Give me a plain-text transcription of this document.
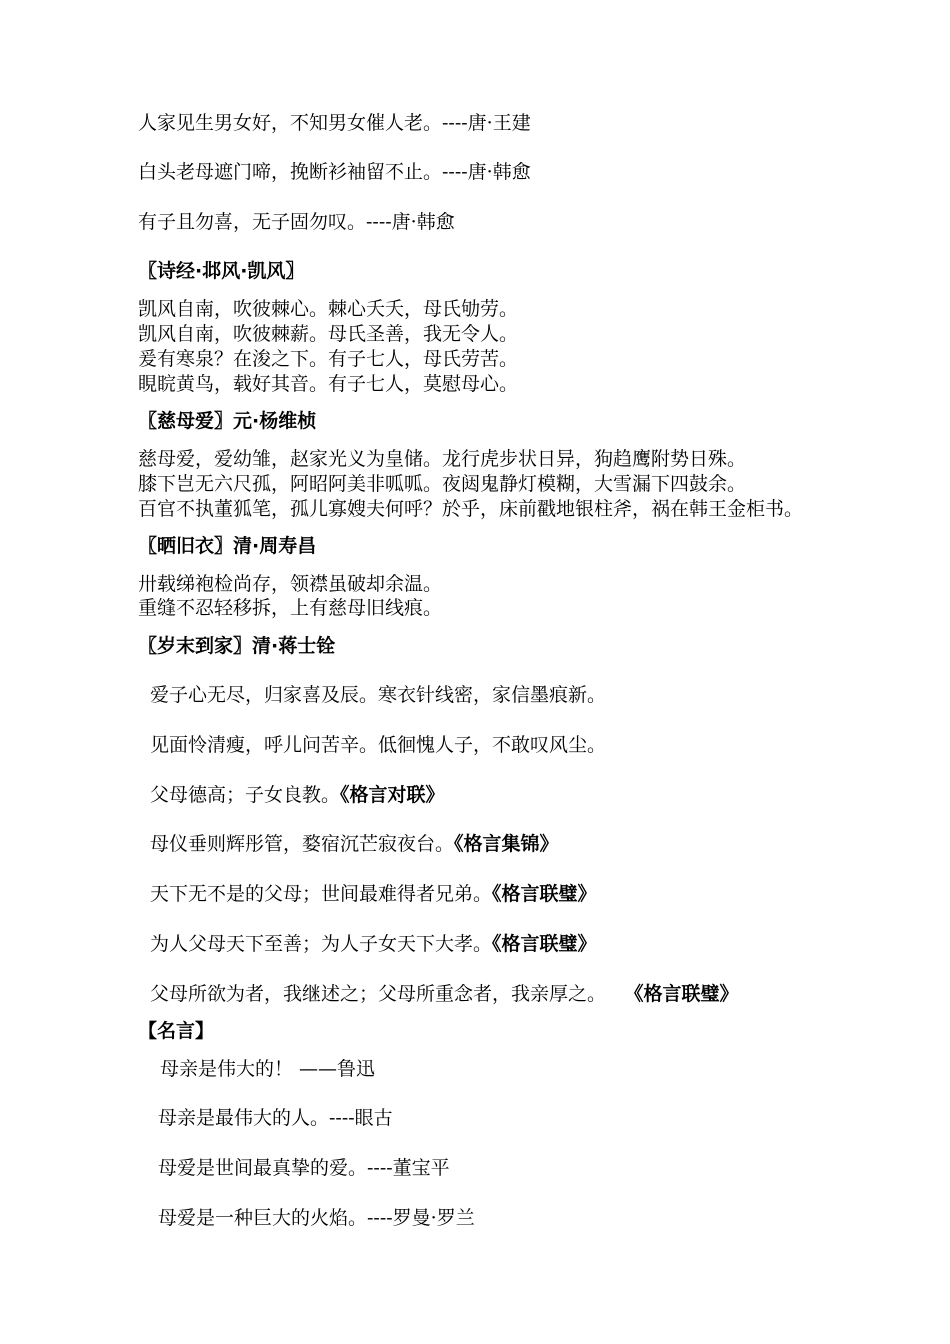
人家见生男女好，不知男女催人老。----唐·王建
白头老母遮门啼，挽断衫袖留不止。----唐·韩愈
有子且勿喜，无子固勿叹。----唐·韩愈
〖诗经·邶风·凯风〗
凯风自南，吹彼棘心。棘心夭夭，母氏劬劳。
凯风自南，吹彼棘薪。母氏圣善，我无令人。
爰有寒泉？在浚之下。有子七人，母氏劳苦。
睍睆黄鸟，载好其音。有子七人，莫慰母心。
〖慈母爱〗元·杨维桢
慈母爱，爱幼雏，赵家光义为皇储。龙行虎步状日异，狗趋鹰附势日殊。
膝下岂无六尺孤，阿昭阿美非呱呱。夜闼鬼静灯模糊，大雪漏下四鼓余。
百官不执董狐笔，孤儿寡嫂夫何呼？於乎，床前戳地银柱斧，祸在韩王金柜书。
〖晒旧衣〗清·周寿昌
卅载绨袍检尚存，领襟虽破却余温。
重缝不忍轻移拆，上有慈母旧线痕。
〖岁末到家〗清·蒋士铨
爱子心无尽，归家喜及辰。寒衣针线密，家信墨痕新。
见面怜清瘦，呼儿问苦辛。低徊愧人子，不敢叹风尘。
父母德高；子女良教。《格言对联》
母仪垂则辉彤管，婺宿沉芒寂夜台。《格言集锦》
天下无不是的父母；世间最难得者兄弟。《格言联璧》
为人父母天下至善；为人子女天下大孝。《格言联璧》
父母所欲为者，我继述之；父母所重念者，我亲厚之。 《格言联璧》
【名言】
母亲是伟大的！ ——鲁迅
母亲是最伟大的人。----眼古
母爱是世间最真挚的爱。----董宝平
母爱是一种巨大的火焰。----罗曼·罗兰
